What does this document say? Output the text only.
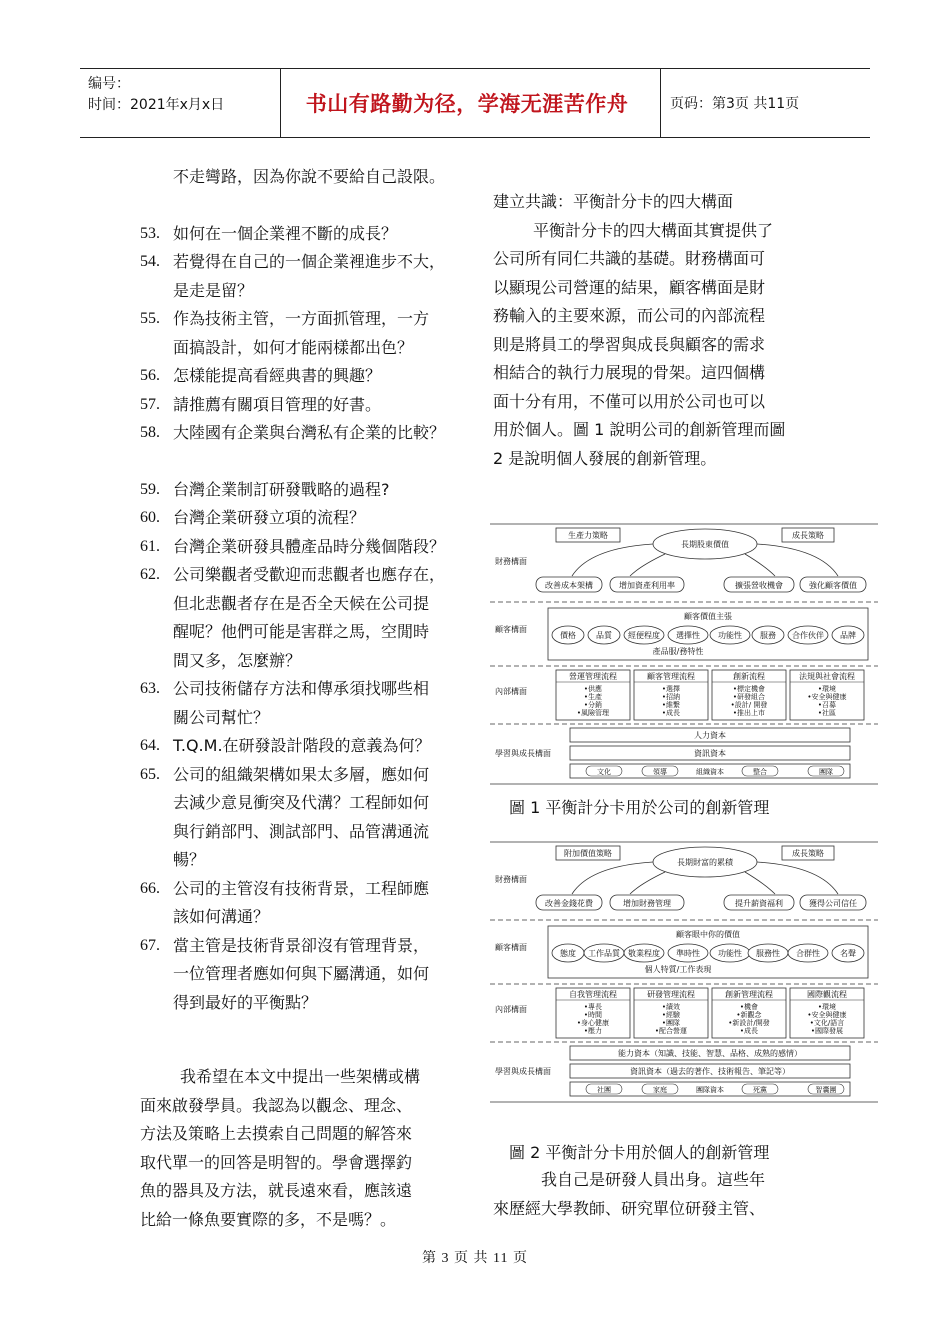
编号：
时间：2021年x月x日	书山有路勤为径，学海无涯苦作舟	页码：第3页 共11页
不走彎路，因為你說不要給自己設限。
53. 如何在一個企業裡不斷的成長？
54. 若覺得在自己的一個企業裡進步不大，
是走是留？
55. 作為技術主管，一方面抓管理，一方
面搞設計，如何才能兩樣都出色？
56. 怎樣能提高看經典書的興趣？
57. 請推薦有關項目管理的好書。
58. 大陸國有企業與台灣私有企業的比較？
59. 台灣企業制訂研發戰略的過程?
60. 台灣企業研發立項的流程？
61. 台灣企業研發具體產品時分幾個階段？
62. 公司樂觀者受歡迎而悲觀者也應存在，
但北悲觀者存在是否全天候在公司提
醒呢？他們可能是害群之馬，空閒時
間又多，怎麼辦？
63. 公司技術儲存方法和傳承須找哪些相
關公司幫忙？
64. T.Q.M.在研發設計階段的意義為何？
65. 公司的組織架構如果太多層，應如何
去減少意見衝突及代溝？工程師如何
與行銷部門、測試部門、品管溝通流
暢？
66. 公司的主管沒有技術背景，工程師應
該如何溝通？
67. 當主管是技術背景卻沒有管理背景，
一位管理者應如何與下屬溝通，如何
得到最好的平衡點？
我希望在本文中提出一些架構或構
面來啟發學員。我認為以觀念、理念、
方法及策略上去摸索自己問題的解答來
取代單一的回答是明智的。學會選擇釣
魚的器具及方法，就長遠來看，應該遠
比給一條魚要實際的多，不是嗎？。
建立共識：平衡計分卡的四大構面
平衡計分卡的四大構面其實提供了
公司所有同仁共識的基礎。財務構面可
以顯現公司營運的結果，顧客構面是財
務輸入的主要來源，而公司的內部流程
則是將員工的學習與成長與顧客的需求
相結合的執行力展現的骨架。這四個構
面十分有用，不僅可以用於公司也可以
用於個人。圖 1 說明公司的創新管理而圖
2 是說明個人發展的創新管理。
財務構面
顧客構面
內部構面
學習與成長構面
生產力策略	成長策略
長期股東價值
改善成本架構	增加資產利用率	擴張營收機會	強化顧客價值
顧客價值主張
價格	品質 經便程度 選擇性 功能性 服務 合作伙伴 品牌
產品服/務特性
營運管理流程
•供應
•生產
•分銷
•風險管理
顧客管理流程
•選擇
•招納
•維繫
•成長
創新流程
•標定機會
•研發組合
•設計/ 開發
•推出上市
法規與社會流程
•環境
•安全與健康
•召募
•社區
人力資本
資訊資本
文化	領導	組織資本	整合	團隊
圖 1 平衡計分卡用於公司的創新管理
財務構面
顧客構面
內部構面
學習與成長構面
附加價值策略	成長策略
長期財富的累積
改善金錢花費	增加財務管理	提升薪資福利	獲得公司信任
顧客眼中你的價值
態度 工作品質 敬業程度 準時性 功能性 服務性 合群性	名聲
個人特質/工作表現
自我管理流程
•專長
•時間
•身心健康
•壓力
研發管理流程
•績效
•經驗
•團隊
•配合營運
創新管理流程
•機會
•新觀念
•新設計/開發
•成長
國際觀流程
•環境
•安全與健康
•文化/語言
•國際發展
能力資本（知識、技能、智慧、品格、成熟的感情）
資訊資本（過去的著作、技術報告、筆記等）
社團	家庭	團隊資本	死黨	智囊團
圖 2 平衡計分卡用於個人的創新管理
我自己是研發人員出身。這些年
來歷經大學教師、研究單位研發主管、
第 3 页 共 11 页
